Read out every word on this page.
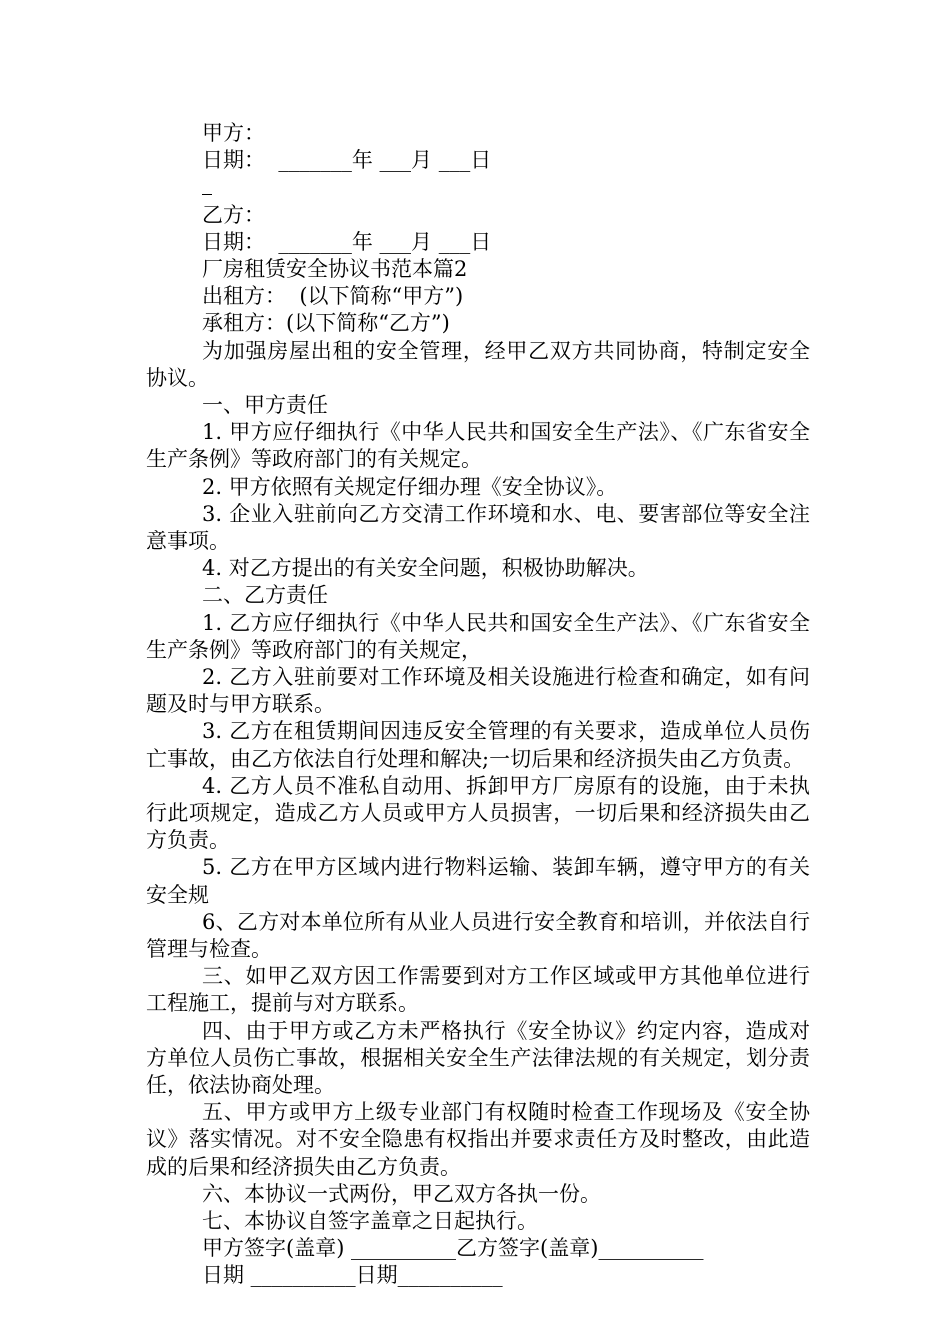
甲方：
日期：  _______年 ___月 ___日
乙方：
日期：  _______年 ___月 ___日
厂房租赁安全协议书范本篇2
出租方：  (以下简称“甲方”)
承租方：(以下简称“乙方”)
为加强房屋出租的安全管理，经甲乙双方共同协商，特制定安全协议。
一、甲方责任
1. 甲方应仔细执行《中华人民共和国安全生产法》、《广东省安全生产条例》等政府部门的有关规定。
2. 甲方依照有关规定仔细办理《安全协议》。
3. 企业入驻前向乙方交清工作环境和水、电、要害部位等安全注意事项。
4. 对乙方提出的有关安全问题，积极协助解决。
二、乙方责任
1. 乙方应仔细执行《中华人民共和国安全生产法》、《广东省安全生产条例》等政府部门的有关规定，
2. 乙方入驻前要对工作环境及相关设施进行检查和确定，如有问题及时与甲方联系。
3. 乙方在租赁期间因违反安全管理的有关要求，造成单位人员伤亡事故，由乙方依法自行处理和解决;一切后果和经济损失由乙方负责。
4. 乙方人员不准私自动用、拆卸甲方厂房原有的设施，由于未执行此项规定，造成乙方人员或甲方人员损害，一切后果和经济损失由乙方负责。
5. 乙方在甲方区域内进行物料运输、装卸车辆，遵守甲方的有关安全规
6、乙方对本单位所有从业人员进行安全教育和培训，并依法自行管理与检查。
三、如甲乙双方因工作需要到对方工作区域或甲方其他单位进行工程施工，提前与对方联系。
四、由于甲方或乙方未严格执行《安全协议》约定内容，造成对方单位人员伤亡事故，根据相关安全生产法律法规的有关规定，划分责任，依法协商处理。
五、甲方或甲方上级专业部门有权随时检查工作现场及《安全协议》落实情况。对不安全隐患有权指出并要求责任方及时整改，由此造成的后果和经济损失由乙方负责。
六、本协议一式两份，甲乙双方各执一份。
七、本协议自签字盖章之日起执行。
甲方签字(盖章) __________乙方签字(盖章)__________
日期 __________日期__________
